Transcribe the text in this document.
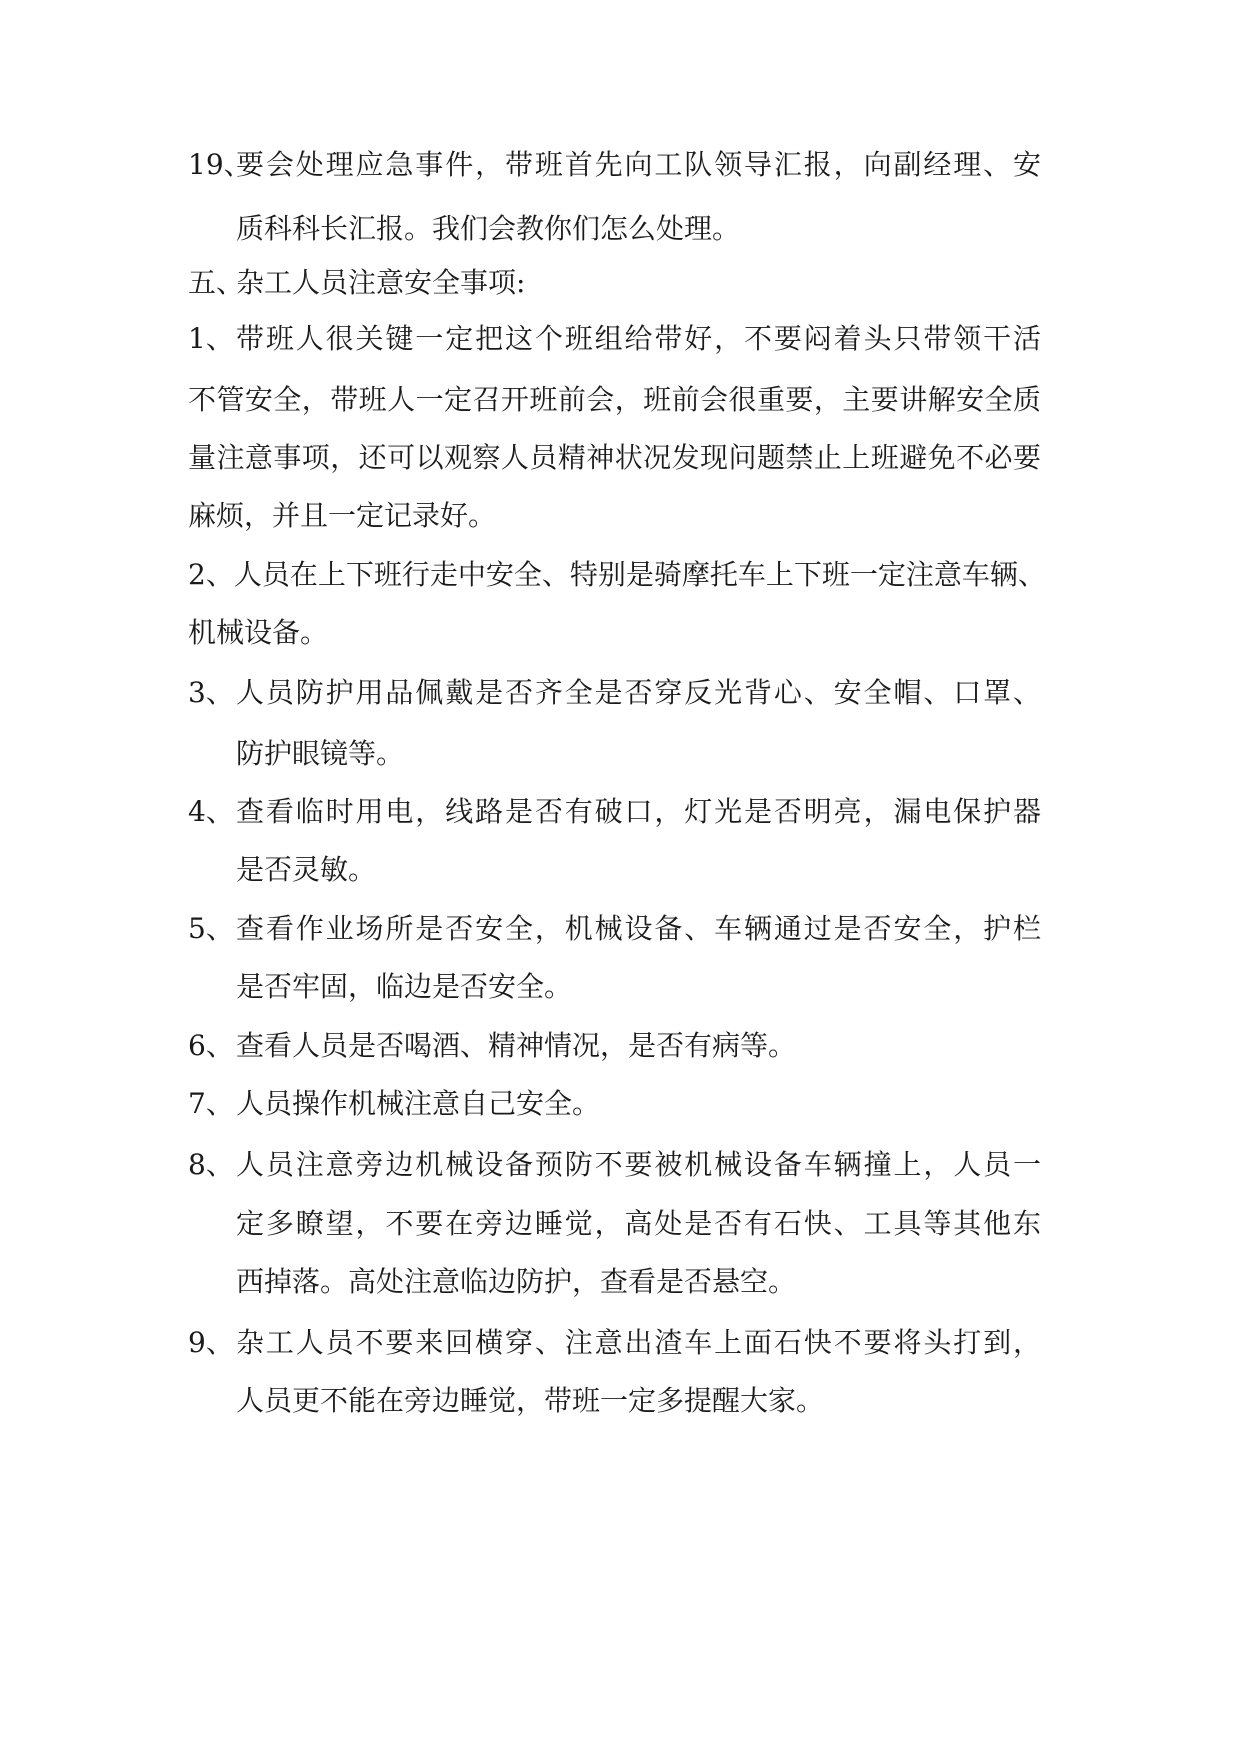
19、
要会处理应急事件，带班首先向工队领导汇报，向副经理、安
质科科长汇报。我们会教你们怎么处理。
五、
杂工人员注意安全事项:
1、 带班人很关键一定把这个班组给带好，不要闷着头只带领干活
不管安全，带班人一定召开班前会，班前会很重要，主要讲解安全质
量注意事项，还可以观察人员精神状况发现问题禁止上班避免不必要
麻烦，并且一定记录好。
2、人员在上下班行走中安全、特别是骑摩托车上下班一定注意车辆、
机械设备。
3、 人员防护用品佩戴是否齐全是否穿反光背心、安全帽、口罩、
防护眼镜等。
4、 查看临时用电，线路是否有破口，灯光是否明亮，漏电保护器
是否灵敏。
5、 查看作业场所是否安全，机械设备、车辆通过是否安全，护栏
是否牢固，临边是否安全。
6、 查看人员是否喝酒、精神情况，是否有病等。
7、 人员操作机械注意自己安全。
8、 人员注意旁边机械设备预防不要被机械设备车辆撞上，人员一
定多瞭望，不要在旁边睡觉，高处是否有石快、工具等其他东
西掉落。高处注意临边防护，查看是否悬空。
9、 杂工人员不要来回横穿、注意出渣车上面石快不要将头打到，
人员更不能在旁边睡觉，带班一定多提醒大家。
